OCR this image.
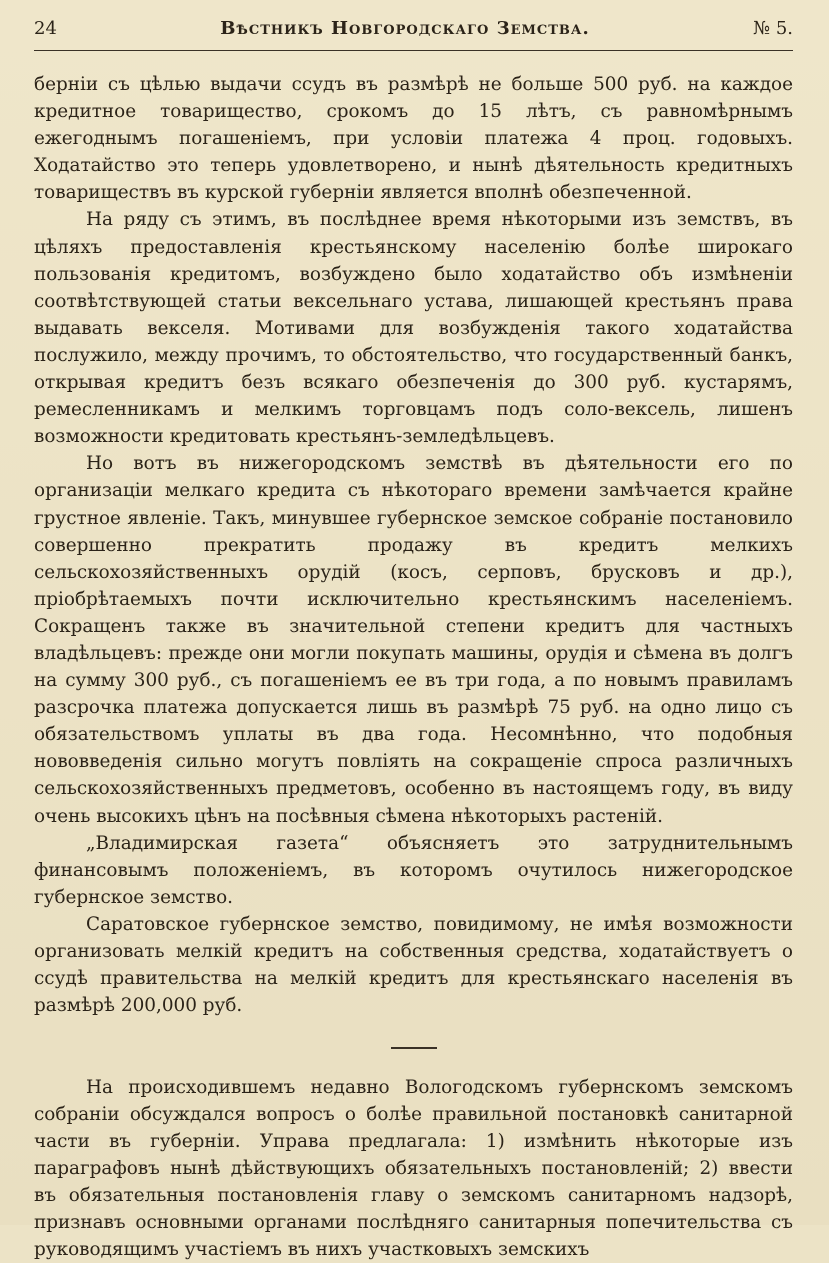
24	Вѣстникъ Новгородскаго Земства.	№ 5.

берніи съ цѣлью выдачи ссудъ въ размѣрѣ не больше 500 руб. на каждое кредитное товарищество, срокомъ до 15 лѣтъ, съ равномѣрнымъ ежегоднымъ погашеніемъ, при условіи платежа 4 проц. годовыхъ. Ходатайство это теперь удовлетворено, и нынѣ дѣятельность кредитныхъ товариществъ въ курской губерніи является вполнѣ обезпеченной.

На ряду съ этимъ, въ послѣднее время нѣкоторыми изъ земствъ, въ цѣляхъ предоставленія крестьянскому населенію болѣе широкаго пользованія кредитомъ, возбуждено было ходатайство объ измѣненіи соотвѣтствующей статьи вексельнаго устава, лишающей крестьянъ права выдавать векселя. Мотивами для возбужденія такого ходатайства послужило, между прочимъ, то обстоятельство, что государственный банкъ, открывая кредитъ безъ всякаго обезпеченія до 300 руб. кустарямъ, ремесленникамъ и мелкимъ торговцамъ подъ соло-вексель, лишенъ возможности кредитовать крестьянъ-земледѣльцевъ.

Но вотъ въ нижегородскомъ земствѣ въ дѣятельности его по организаціи мелкаго кредита съ нѣкотораго времени замѣчается крайне грустное явленіе. Такъ, минувшее губернское земское собраніе постановило совершенно прекратить продажу въ кредитъ мелкихъ сельскохозяйственныхъ орудій (косъ, серповъ, брусковъ и др.), пріобрѣтаемыхъ почти исключительно крестьянскимъ населеніемъ. Сокращенъ также въ значительной степени кредитъ для частныхъ владѣльцевъ: прежде они могли покупать машины, орудія и сѣмена въ долгъ на сумму 300 руб., съ погашеніемъ ее въ три года, а по новымъ правиламъ разсрочка платежа допускается лишь въ размѣрѣ 75 руб. на одно лицо съ обязательствомъ уплаты въ два года. Несомнѣнно, что подобныя нововведенія сильно могутъ повліять на сокращеніе спроса различныхъ сельскохозяйственныхъ предметовъ, особенно въ настоящемъ году, въ виду очень высокихъ цѣнъ на посѣвныя сѣмена нѣкоторыхъ растеній.

„Владимирская газета“ объясняетъ это затруднительнымъ финансовымъ положеніемъ, въ которомъ очутилось нижегородское губернское земство.

Саратовское губернское земство, повидимому, не имѣя возможности организовать мелкій кредитъ на собственныя средства, ходатайствуетъ о ссудѣ правительства на мелкій кредитъ для крестьянскаго населенія въ размѣрѣ 200,000 руб.

На происходившемъ недавно Вологодскомъ губернскомъ земскомъ собраніи обсуждался вопросъ о болѣе правильной постановкѣ санитарной части въ губерніи. Управа предлагала: 1) измѣнить нѣкоторые изъ параграфовъ нынѣ дѣйствующихъ обязательныхъ постановленій; 2) ввести въ обязательныя постановленія главу о земскомъ санитарномъ надзорѣ, признавъ основными органами послѣдняго санитарныя попечительства съ руководящимъ участіемъ въ нихъ участковыхъ земскихъ
